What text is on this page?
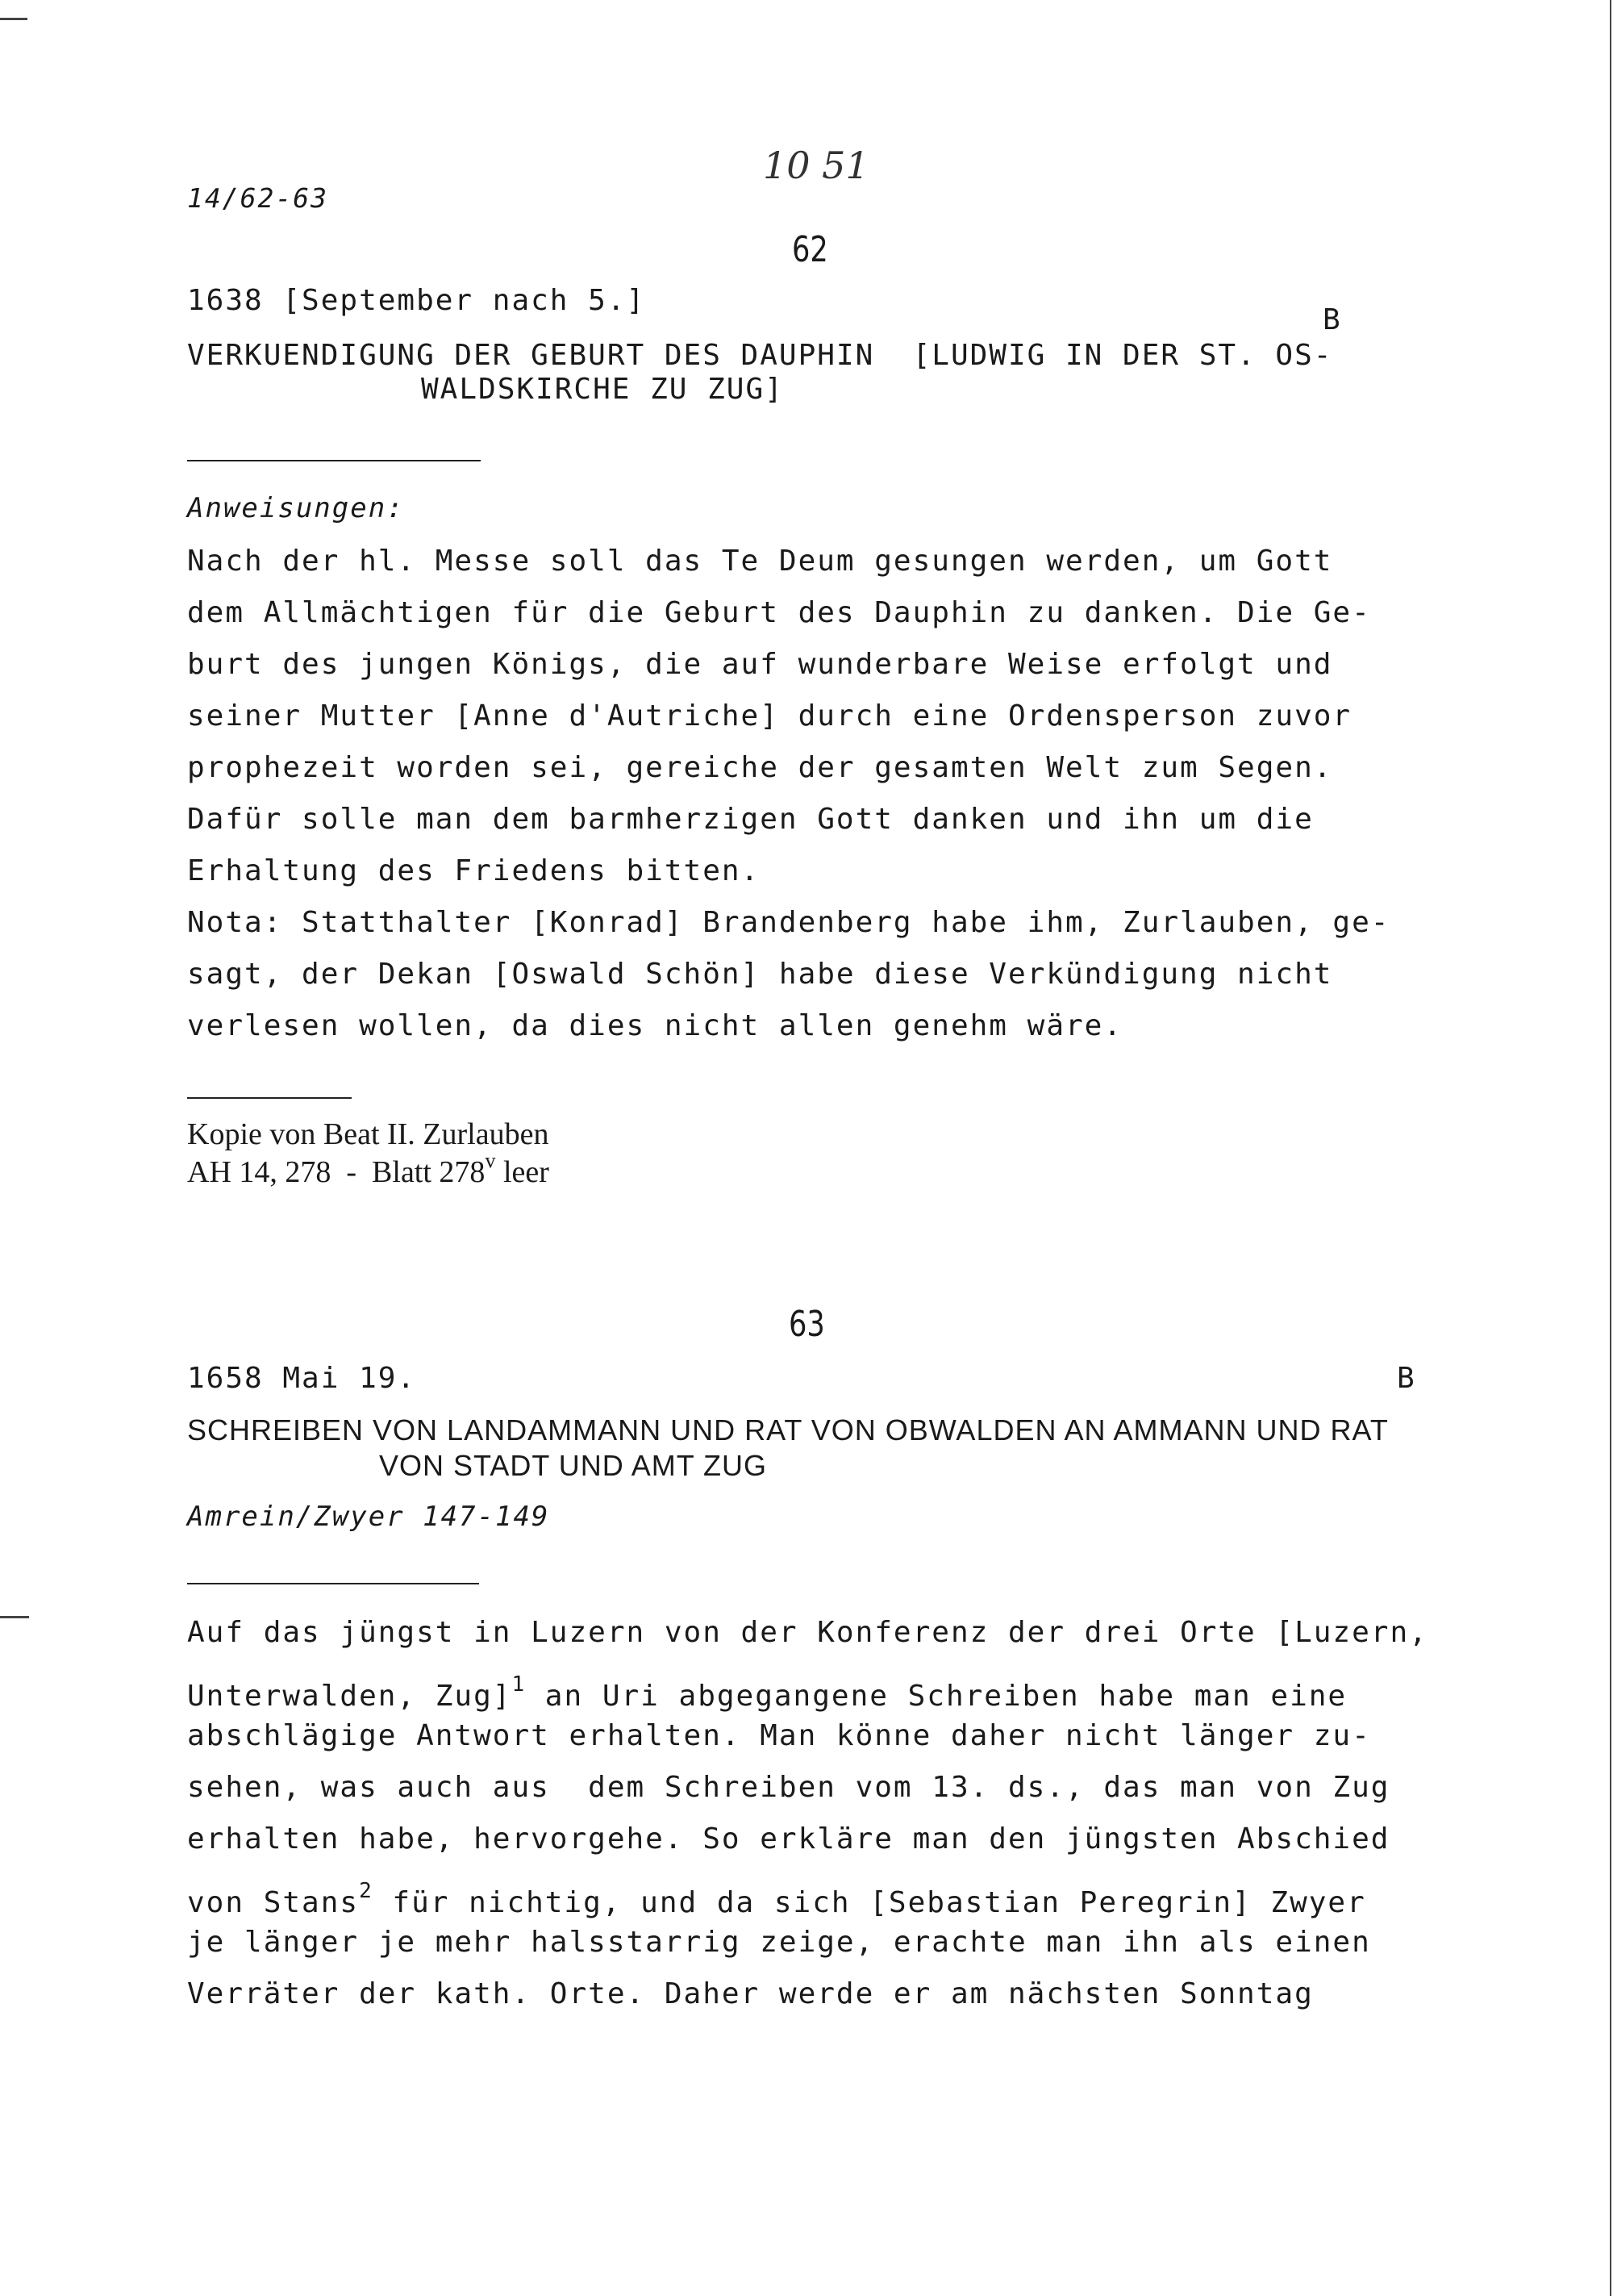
14/62-63
10 51
62
1638 [September nach 5.]
B
VERKUENDIGUNG DER GEBURT DES DAUPHIN  [LUDWIG IN DER ST. OS-
WALDSKIRCHE ZU ZUG]
Anweisungen:
Nach der hl. Messe soll das Te Deum gesungen werden, um Gott
dem Allmächtigen für die Geburt des Dauphin zu danken. Die Ge-
burt des jungen Königs, die auf wunderbare Weise erfolgt und
seiner Mutter [Anne d'Autriche] durch eine Ordensperson zuvor
prophezeit worden sei, gereiche der gesamten Welt zum Segen.
Dafür solle man dem barmherzigen Gott danken und ihn um die
Erhaltung des Friedens bitten.
Nota: Statthalter [Konrad] Brandenberg habe ihm, Zurlauben, ge-
sagt, der Dekan [Oswald Schön] habe diese Verkündigung nicht
verlesen wollen, da dies nicht allen genehm wäre.
Kopie von Beat II. Zurlauben
AH 14, 278  -  Blatt 278$^v$ leer
63
1658 Mai 19.	B
SCHREIBEN VON LANDAMMANN UND RAT VON OBWALDEN AN AMMANN UND RAT
VON STADT UND AMT ZUG
Amrein/Zwyer 147-149
Auf das jüngst in Luzern von der Konferenz der drei Orte [Luzern,
Unterwalden, Zug]$^1$ an Uri abgegangene Schreiben habe man eine
abschlägige Antwort erhalten. Man könne daher nicht länger zu-
sehen, was auch aus  dem Schreiben vom 13. ds., das man von Zug
erhalten habe, hervorgehe. So erkläre man den jüngsten Abschied
von Stans$^2$ für nichtig, und da sich [Sebastian Peregrin] Zwyer
je länger je mehr halsstarrig zeige, erachte man ihn als einen
Verräter der kath. Orte. Daher werde er am nächsten Sonntag
